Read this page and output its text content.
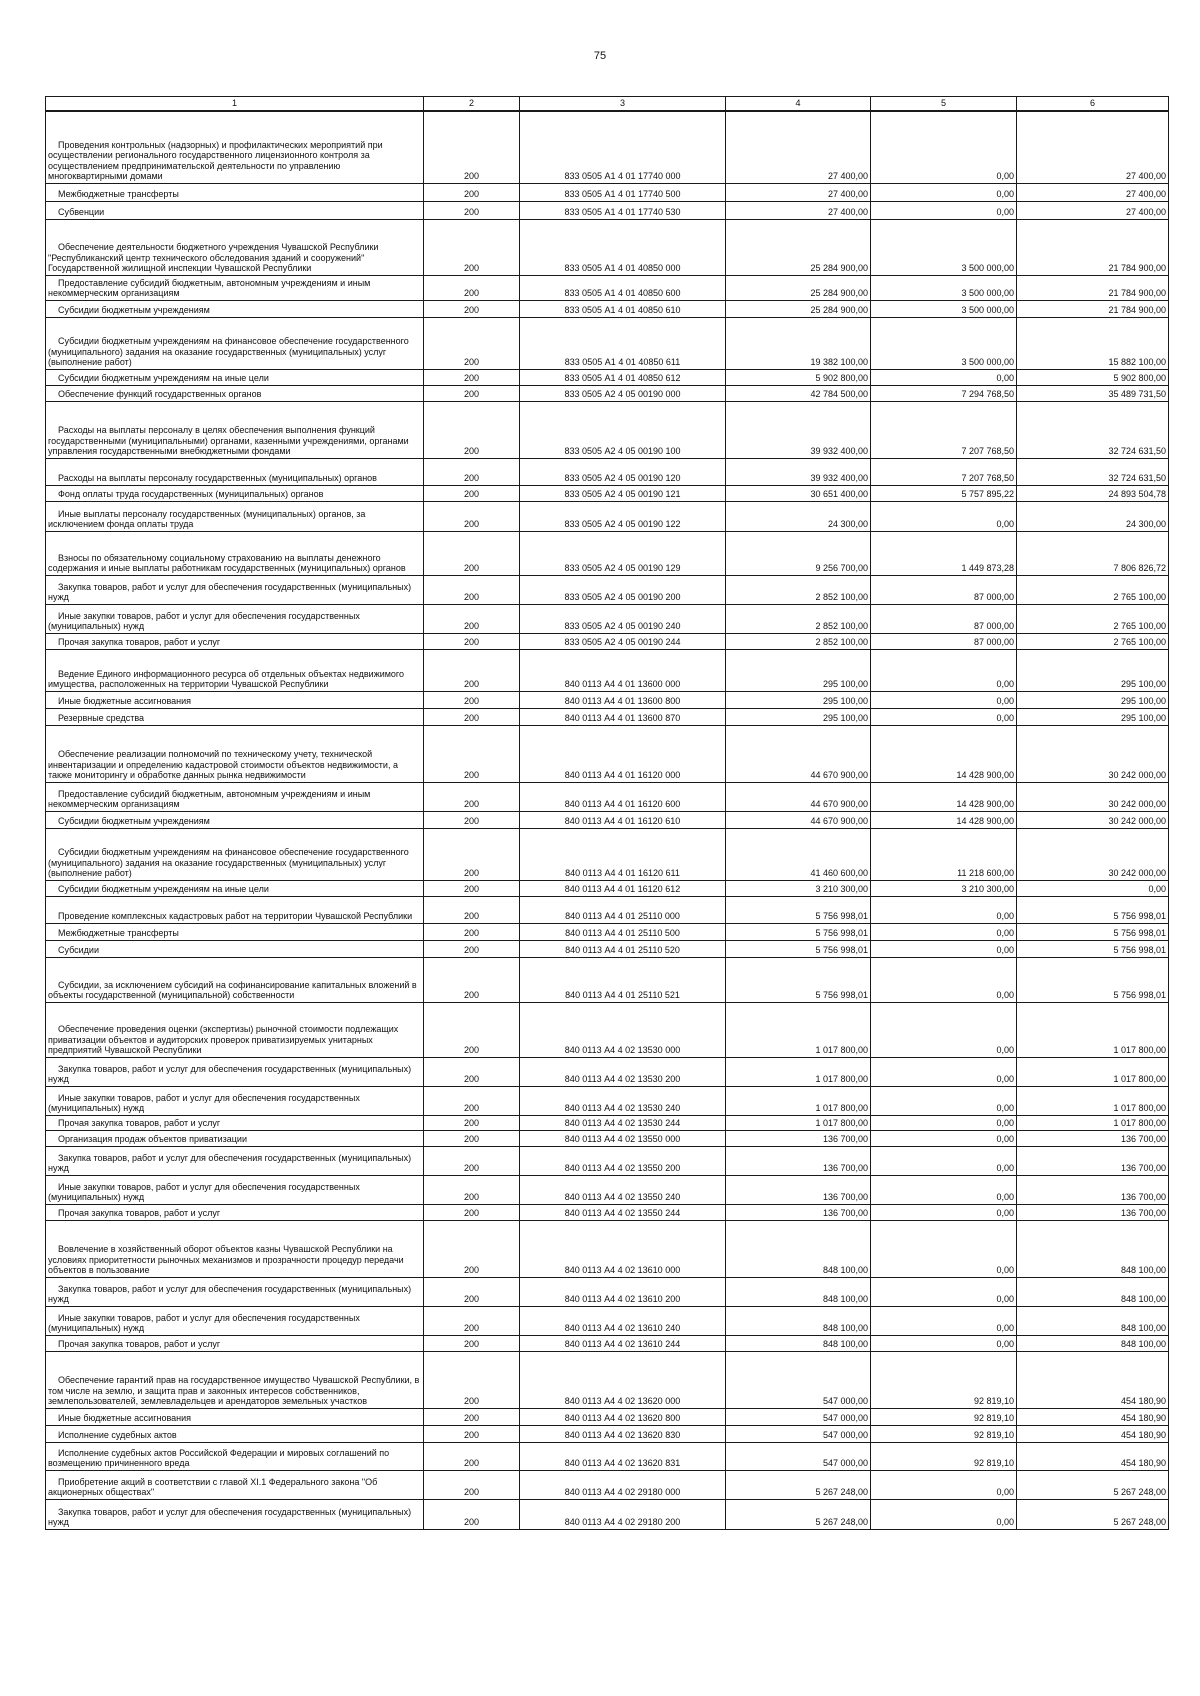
75
1	2	3	4	5	6

Проведения контрольных (надзорных) и профилактических мероприятий при осуществлении регионального государственного лицензионного контроля за осуществлением предпринимательской деятельности по управлению многоквартирными домами	200	833 0505 А1 4 01 17740 000	27 400,00	0,00	27 400,00

Межбюджетные трансферты	200	833 0505 А1 4 01 17740 500	27 400,00	0,00	27 400,00

Субвенции	200	833 0505 А1 4 01 17740 530	27 400,00	0,00	27 400,00

Обеспечение деятельности бюджетного учреждения Чувашской Республики "Республиканский центр технического обследования зданий и сооружений" Государственной жилищной инспекции Чувашской Республики	200	833 0505 А1 4 01 40850 000	25 284 900,00	3 500 000,00	21 784 900,00

Предоставление субсидий бюджетным, автономным учреждениям и иным некоммерческим организациям	200	833 0505 А1 4 01 40850 600	25 284 900,00	3 500 000,00	21 784 900,00

Субсидии бюджетным учреждениям	200	833 0505 А1 4 01 40850 610	25 284 900,00	3 500 000,00	21 784 900,00

Субсидии бюджетным учреждениям на финансовое обеспечение государственного (муниципального) задания на оказание государственных (муниципальных) услуг (выполнение работ)	200	833 0505 А1 4 01 40850 611	19 382 100,00	3 500 000,00	15 882 100,00

Субсидии бюджетным учреждениям на иные цели	200	833 0505 А1 4 01 40850 612	5 902 800,00	0,00	5 902 800,00

Обеспечение функций государственных органов	200	833 0505 А2 4 05 00190 000	42 784 500,00	7 294 768,50	35 489 731,50

Расходы на выплаты персоналу в целях обеспечения выполнения функций государственными (муниципальными) органами, казенными учреждениями, органами управления государственными внебюджетными фондами	200	833 0505 А2 4 05 00190 100	39 932 400,00	7 207 768,50	32 724 631,50

Расходы на выплаты персоналу государственных (муниципальных) органов	200	833 0505 А2 4 05 00190 120	39 932 400,00	7 207 768,50	32 724 631,50

Фонд оплаты труда государственных (муниципальных) органов	200	833 0505 А2 4 05 00190 121	30 651 400,00	5 757 895,22	24 893 504,78

Иные выплаты персоналу государственных (муниципальных) органов, за исключением фонда оплаты труда	200	833 0505 А2 4 05 00190 122	24 300,00	0,00	24 300,00

Взносы по обязательному социальному страхованию на выплаты денежного содержания и иные выплаты работникам государственных (муниципальных) органов	200	833 0505 А2 4 05 00190 129	9 256 700,00	1 449 873,28	7 806 826,72

Закупка товаров, работ и услуг для обеспечения государственных (муниципальных) нужд	200	833 0505 А2 4 05 00190 200	2 852 100,00	87 000,00	2 765 100,00

Иные закупки товаров, работ и услуг для обеспечения государственных (муниципальных) нужд	200	833 0505 А2 4 05 00190 240	2 852 100,00	87 000,00	2 765 100,00

Прочая закупка товаров, работ и услуг	200	833 0505 А2 4 05 00190 244	2 852 100,00	87 000,00	2 765 100,00

Ведение Единого информационного ресурса об отдельных объектах недвижимого имущества, расположенных на территории Чувашской Республики	200	840 0113 А4 4 01 13600 000	295 100,00	0,00	295 100,00

Иные бюджетные ассигнования	200	840 0113 А4 4 01 13600 800	295 100,00	0,00	295 100,00

Резервные средства	200	840 0113 А4 4 01 13600 870	295 100,00	0,00	295 100,00

Обеспечение реализации полномочий по техническому учету, технической инвентаризации и определению кадастровой стоимости объектов недвижимости, а также мониторингу и обработке данных рынка недвижимости	200	840 0113 А4 4 01 16120 000	44 670 900,00	14 428 900,00	30 242 000,00

Предоставление субсидий бюджетным, автономным учреждениям и иным некоммерческим организациям	200	840 0113 А4 4 01 16120 600	44 670 900,00	14 428 900,00	30 242 000,00

Субсидии бюджетным учреждениям	200	840 0113 А4 4 01 16120 610	44 670 900,00	14 428 900,00	30 242 000,00

Субсидии бюджетным учреждениям на финансовое обеспечение государственного (муниципального) задания на оказание государственных (муниципальных) услуг (выполнение работ)	200	840 0113 А4 4 01 16120 611	41 460 600,00	11 218 600,00	30 242 000,00

Субсидии бюджетным учреждениям на иные цели	200	840 0113 А4 4 01 16120 612	3 210 300,00	3 210 300,00	0,00

Проведение комплексных кадастровых работ на территории Чувашской Республики	200	840 0113 А4 4 01 25110 000	5 756 998,01	0,00	5 756 998,01

Межбюджетные трансферты	200	840 0113 А4 4 01 25110 500	5 756 998,01	0,00	5 756 998,01

Субсидии	200	840 0113 А4 4 01 25110 520	5 756 998,01	0,00	5 756 998,01

Субсидии, за исключением субсидий на софинансирование капитальных вложений в объекты государственной (муниципальной) собственности	200	840 0113 А4 4 01 25110 521	5 756 998,01	0,00	5 756 998,01

Обеспечение проведения оценки (экспертизы) рыночной стоимости подлежащих приватизации объектов и аудиторских проверок приватизируемых унитарных предприятий Чувашской Республики	200	840 0113 А4 4 02 13530 000	1 017 800,00	0,00	1 017 800,00

Закупка товаров, работ и услуг для обеспечения государственных (муниципальных) нужд	200	840 0113 А4 4 02 13530 200	1 017 800,00	0,00	1 017 800,00

Иные закупки товаров, работ и услуг для обеспечения государственных (муниципальных) нужд	200	840 0113 А4 4 02 13530 240	1 017 800,00	0,00	1 017 800,00

Прочая закупка товаров, работ и услуг	200	840 0113 А4 4 02 13530 244	1 017 800,00	0,00	1 017 800,00

Организация продаж объектов приватизации	200	840 0113 А4 4 02 13550 000	136 700,00	0,00	136 700,00

Закупка товаров, работ и услуг для обеспечения государственных (муниципальных) нужд	200	840 0113 А4 4 02 13550 200	136 700,00	0,00	136 700,00

Иные закупки товаров, работ и услуг для обеспечения государственных (муниципальных) нужд	200	840 0113 А4 4 02 13550 240	136 700,00	0,00	136 700,00

Прочая закупка товаров, работ и услуг	200	840 0113 А4 4 02 13550 244	136 700,00	0,00	136 700,00

Вовлечение в хозяйственный оборот объектов казны Чувашской Республики на условиях приоритетности рыночных механизмов и прозрачности процедур передачи объектов в пользование	200	840 0113 А4 4 02 13610 000	848 100,00	0,00	848 100,00

Закупка товаров, работ и услуг для обеспечения государственных (муниципальных) нужд	200	840 0113 А4 4 02 13610 200	848 100,00	0,00	848 100,00

Иные закупки товаров, работ и услуг для обеспечения государственных (муниципальных) нужд	200	840 0113 А4 4 02 13610 240	848 100,00	0,00	848 100,00

Прочая закупка товаров, работ и услуг	200	840 0113 А4 4 02 13610 244	848 100,00	0,00	848 100,00

Обеспечение гарантий прав на государственное имущество Чувашской Республики, в том числе на землю, и защита прав и законных интересов собственников, землепользователей, землевладельцев и арендаторов земельных участков	200	840 0113 А4 4 02 13620 000	547 000,00	92 819,10	454 180,90

Иные бюджетные ассигнования	200	840 0113 А4 4 02 13620 800	547 000,00	92 819,10	454 180,90

Исполнение судебных актов	200	840 0113 А4 4 02 13620 830	547 000,00	92 819,10	454 180,90

Исполнение судебных актов Российской Федерации и мировых соглашений по возмещению причиненного вреда	200	840 0113 А4 4 02 13620 831	547 000,00	92 819,10	454 180,90

Приобретение акций в соответствии с главой XI.1 Федерального закона "Об акционерных обществах"	200	840 0113 А4 4 02 29180 000	5 267 248,00	0,00	5 267 248,00

Закупка товаров, работ и услуг для обеспечения государственных (муниципальных) нужд	200	840 0113 А4 4 02 29180 200	5 267 248,00	0,00	5 267 248,00
